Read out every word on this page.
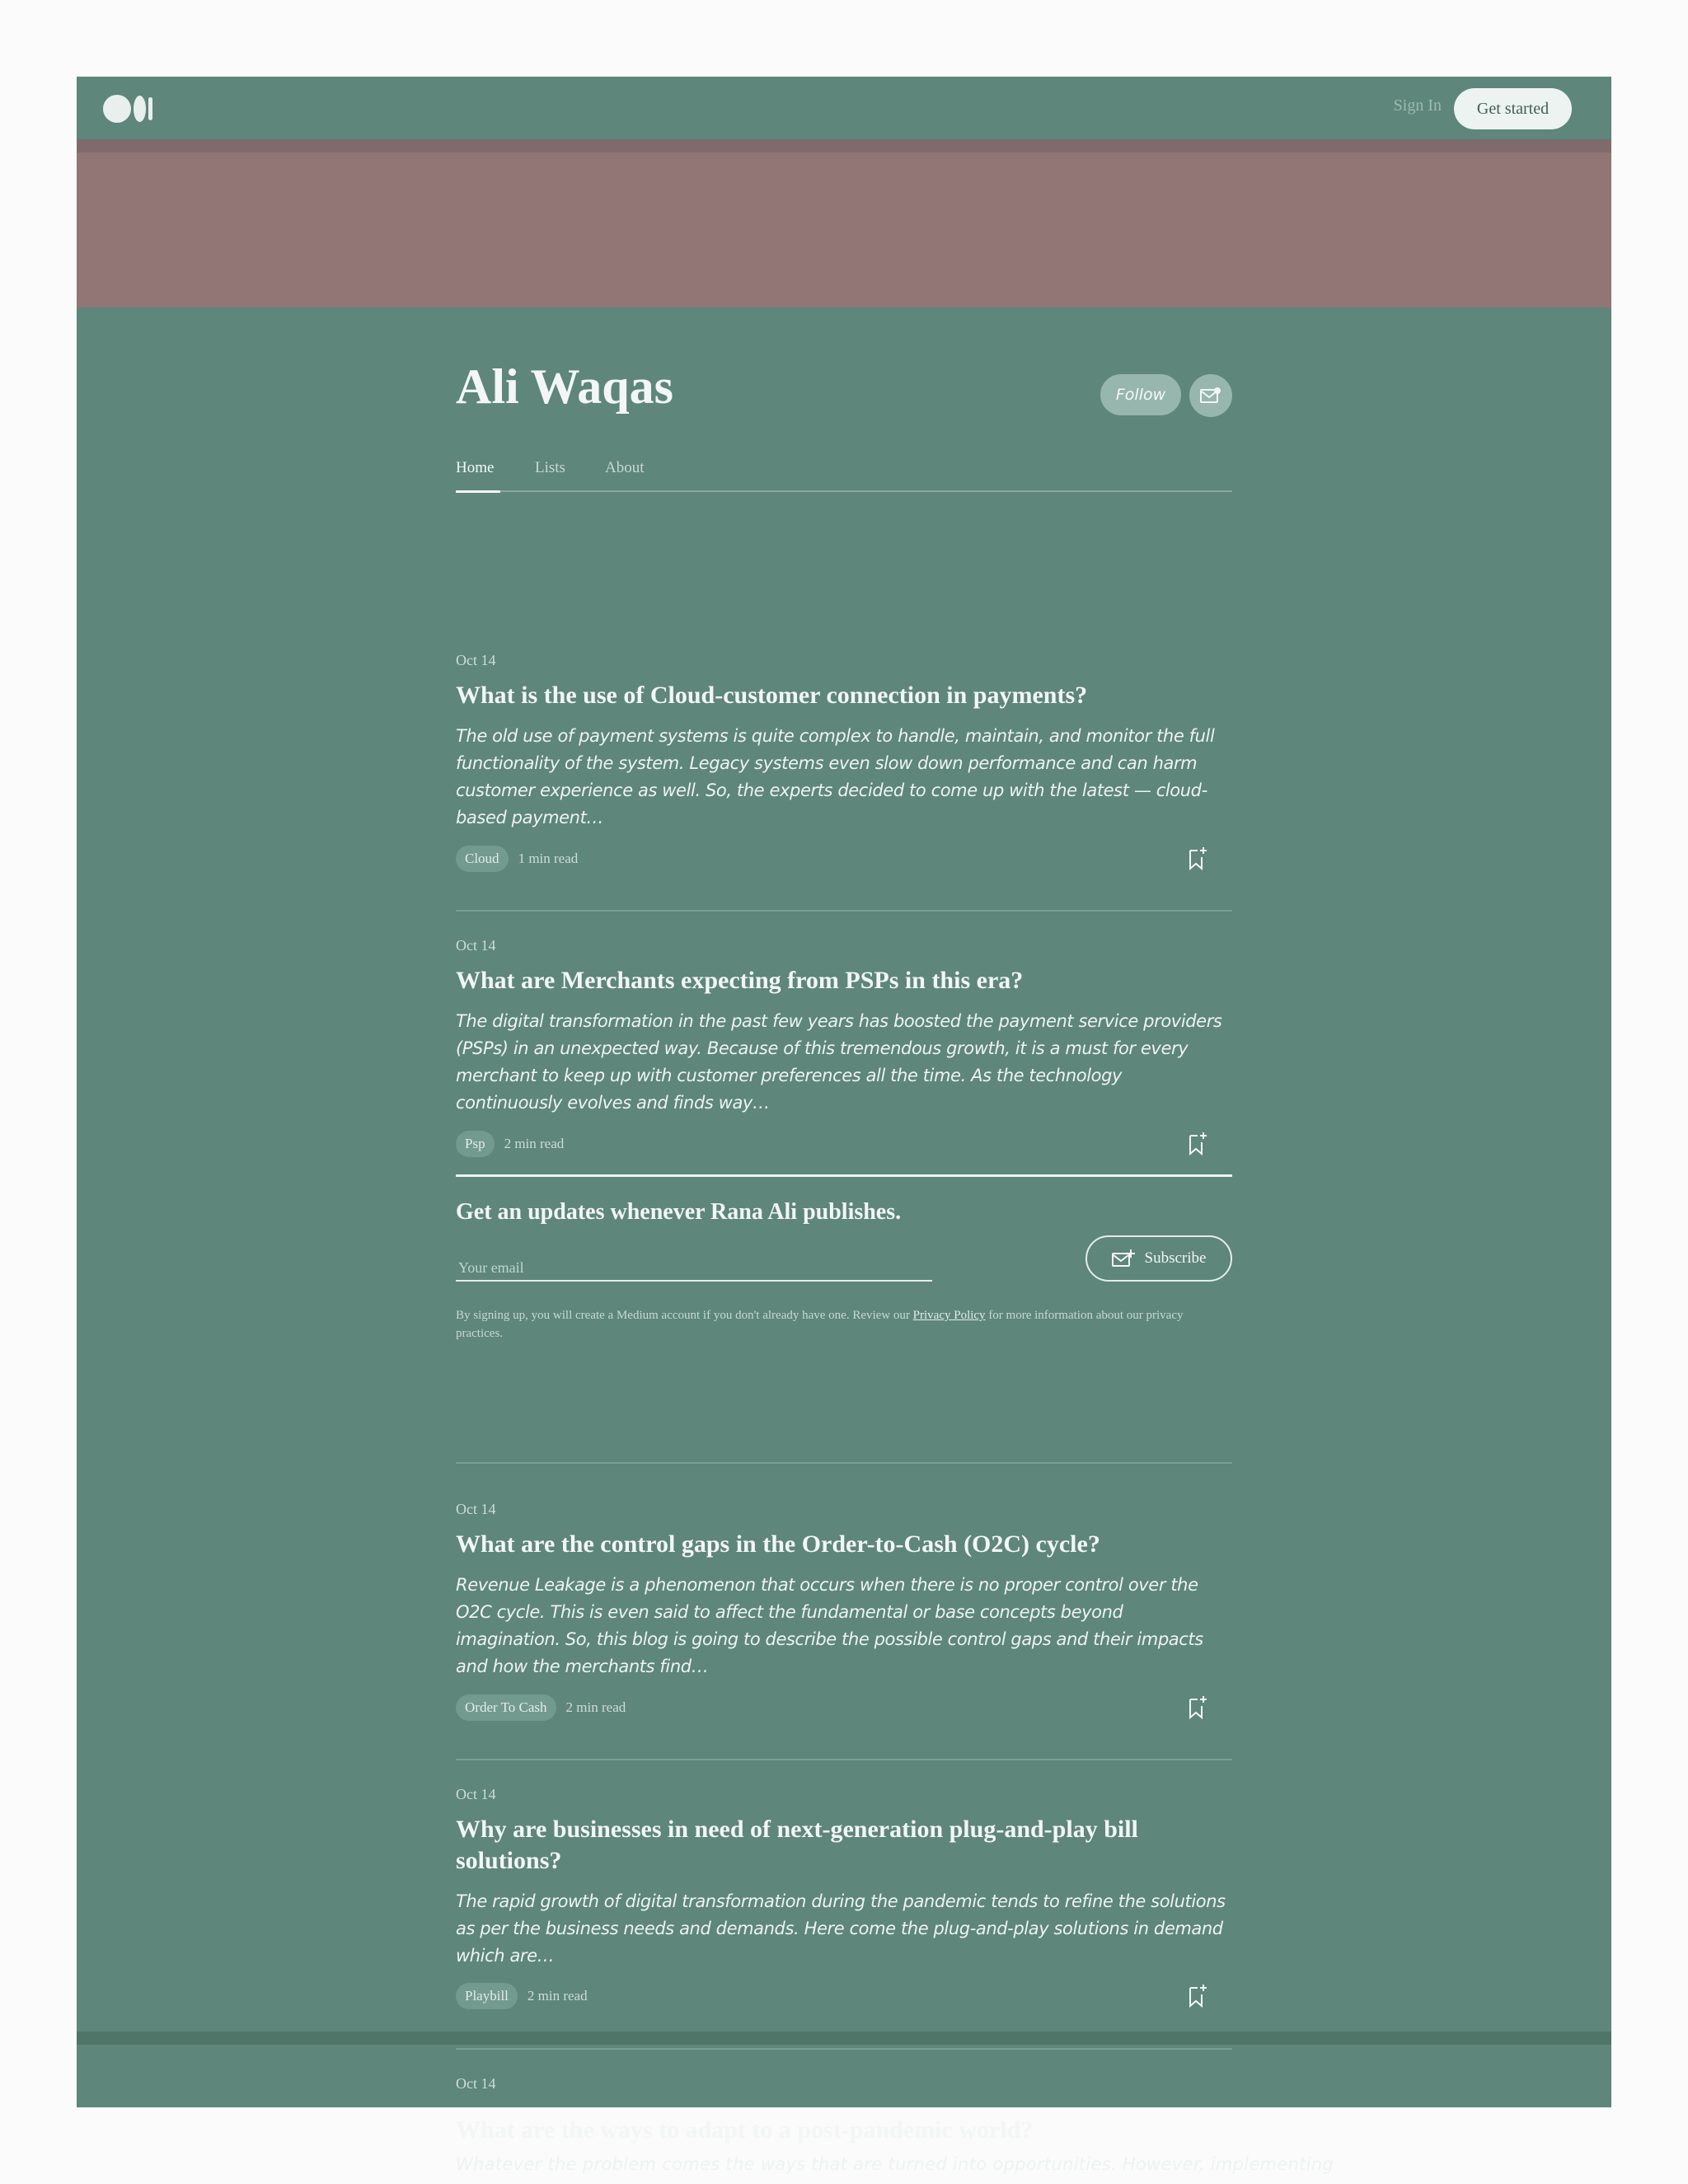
Sign In	Get started
Ali Waqas	Follow
Home	Lists	About
Oct 14
What is the use of Cloud-customer connection in payments?

The old use of payment systems is quite complex to handle, maintain, and monitor the full functionality of the system. Legacy systems even slow down performance and can harm customer experience as well. So, the experts decided to come up with the latest — cloud-based payment…

Cloud	1 min read
Oct 14
What are Merchants expecting from PSPs in this era?

The digital transformation in the past few years has boosted the payment service providers (PSPs) in an unexpected way. Because of this tremendous growth, it is a must for every merchant to keep up with customer preferences all the time. As the technology continuously evolves and finds way…

Psp	2 min read
Get an updates whenever Rana Ali publishes.
Your email
Subscribe

By signing up, you will create a Medium account if you don't already have one. Review our Privacy Policy for more information about our privacy practices.

Oct 14
What are the control gaps in the Order-to-Cash (O2C) cycle?

Revenue Leakage is a phenomenon that occurs when there is no proper control over the O2C cycle. This is even said to affect the fundamental or base concepts beyond imagination. So, this blog is going to describe the possible control gaps and their impacts and how the merchants find…

Order To Cash	2 min read
Oct 14
Why are businesses in need of next-generation plug-and-play bill solutions?

The rapid growth of digital transformation during the pandemic tends to refine the solutions as per the business needs and demands. Here come the plug-and-play solutions in demand which are…

Playbill	2 min read
Oct 14
What are the ways to adapt to a post-pandemic world?

Whatever the problem comes the ways that are turned into opportunities. However, implementing
